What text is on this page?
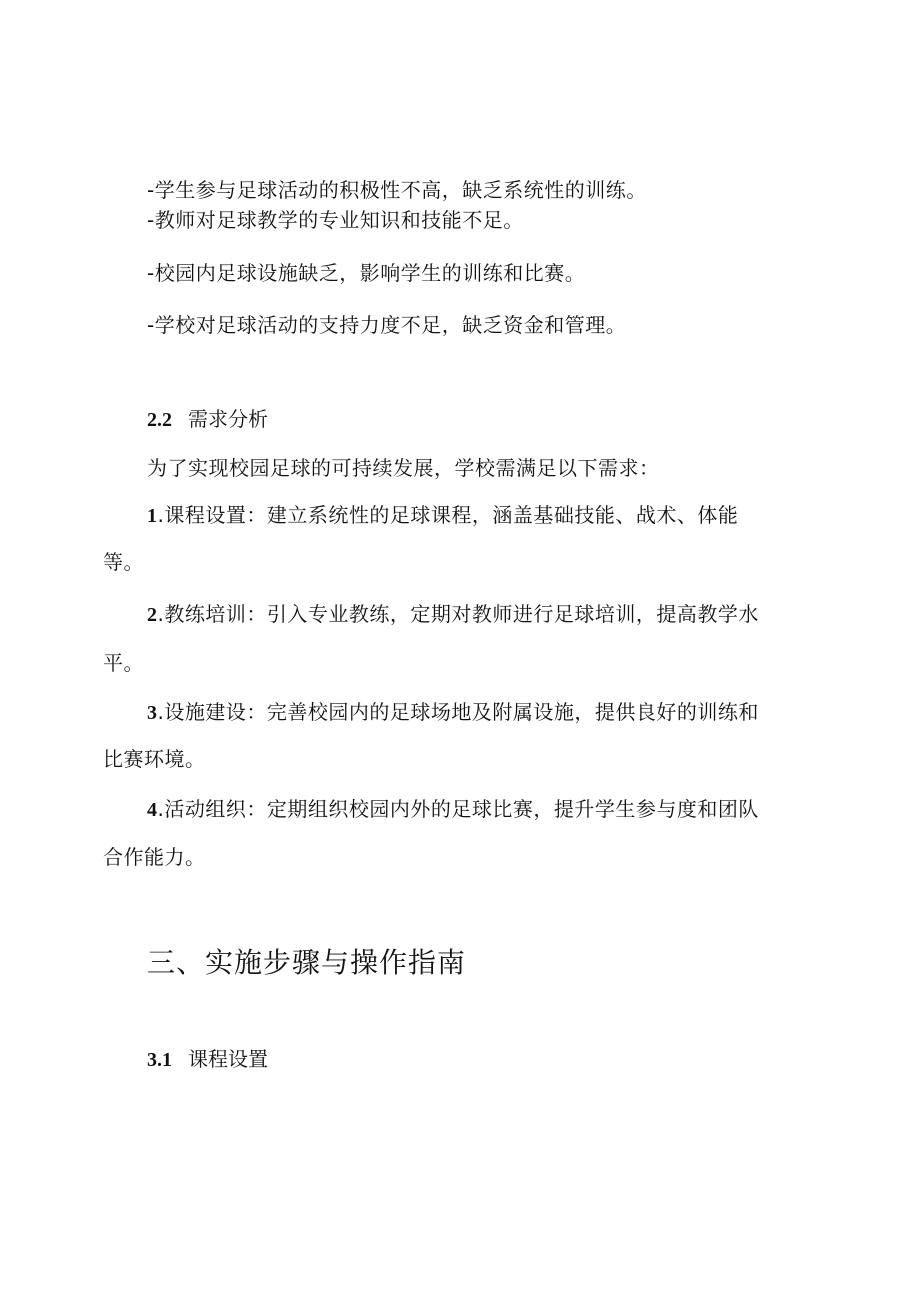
-学生参与足球活动的积极性不高，缺乏系统性的训练。
-教师对足球教学的专业知识和技能不足。
-校园内足球设施缺乏，影响学生的训练和比赛。
-学校对足球活动的支持力度不足，缺乏资金和管理。
2.2 需求分析
为了实现校园足球的可持续发展，学校需满足以下需求：
1.课程设置：建立系统性的足球课程，涵盖基础技能、战术、体能
等。
2.教练培训：引入专业教练，定期对教师进行足球培训，提高教学水
平。
3.设施建设：完善校园内的足球场地及附属设施，提供良好的训练和
比赛环境。
4.活动组织：定期组织校园内外的足球比赛，提升学生参与度和团队
合作能力。
三、实施步骤与操作指南
3.1 课程设置
